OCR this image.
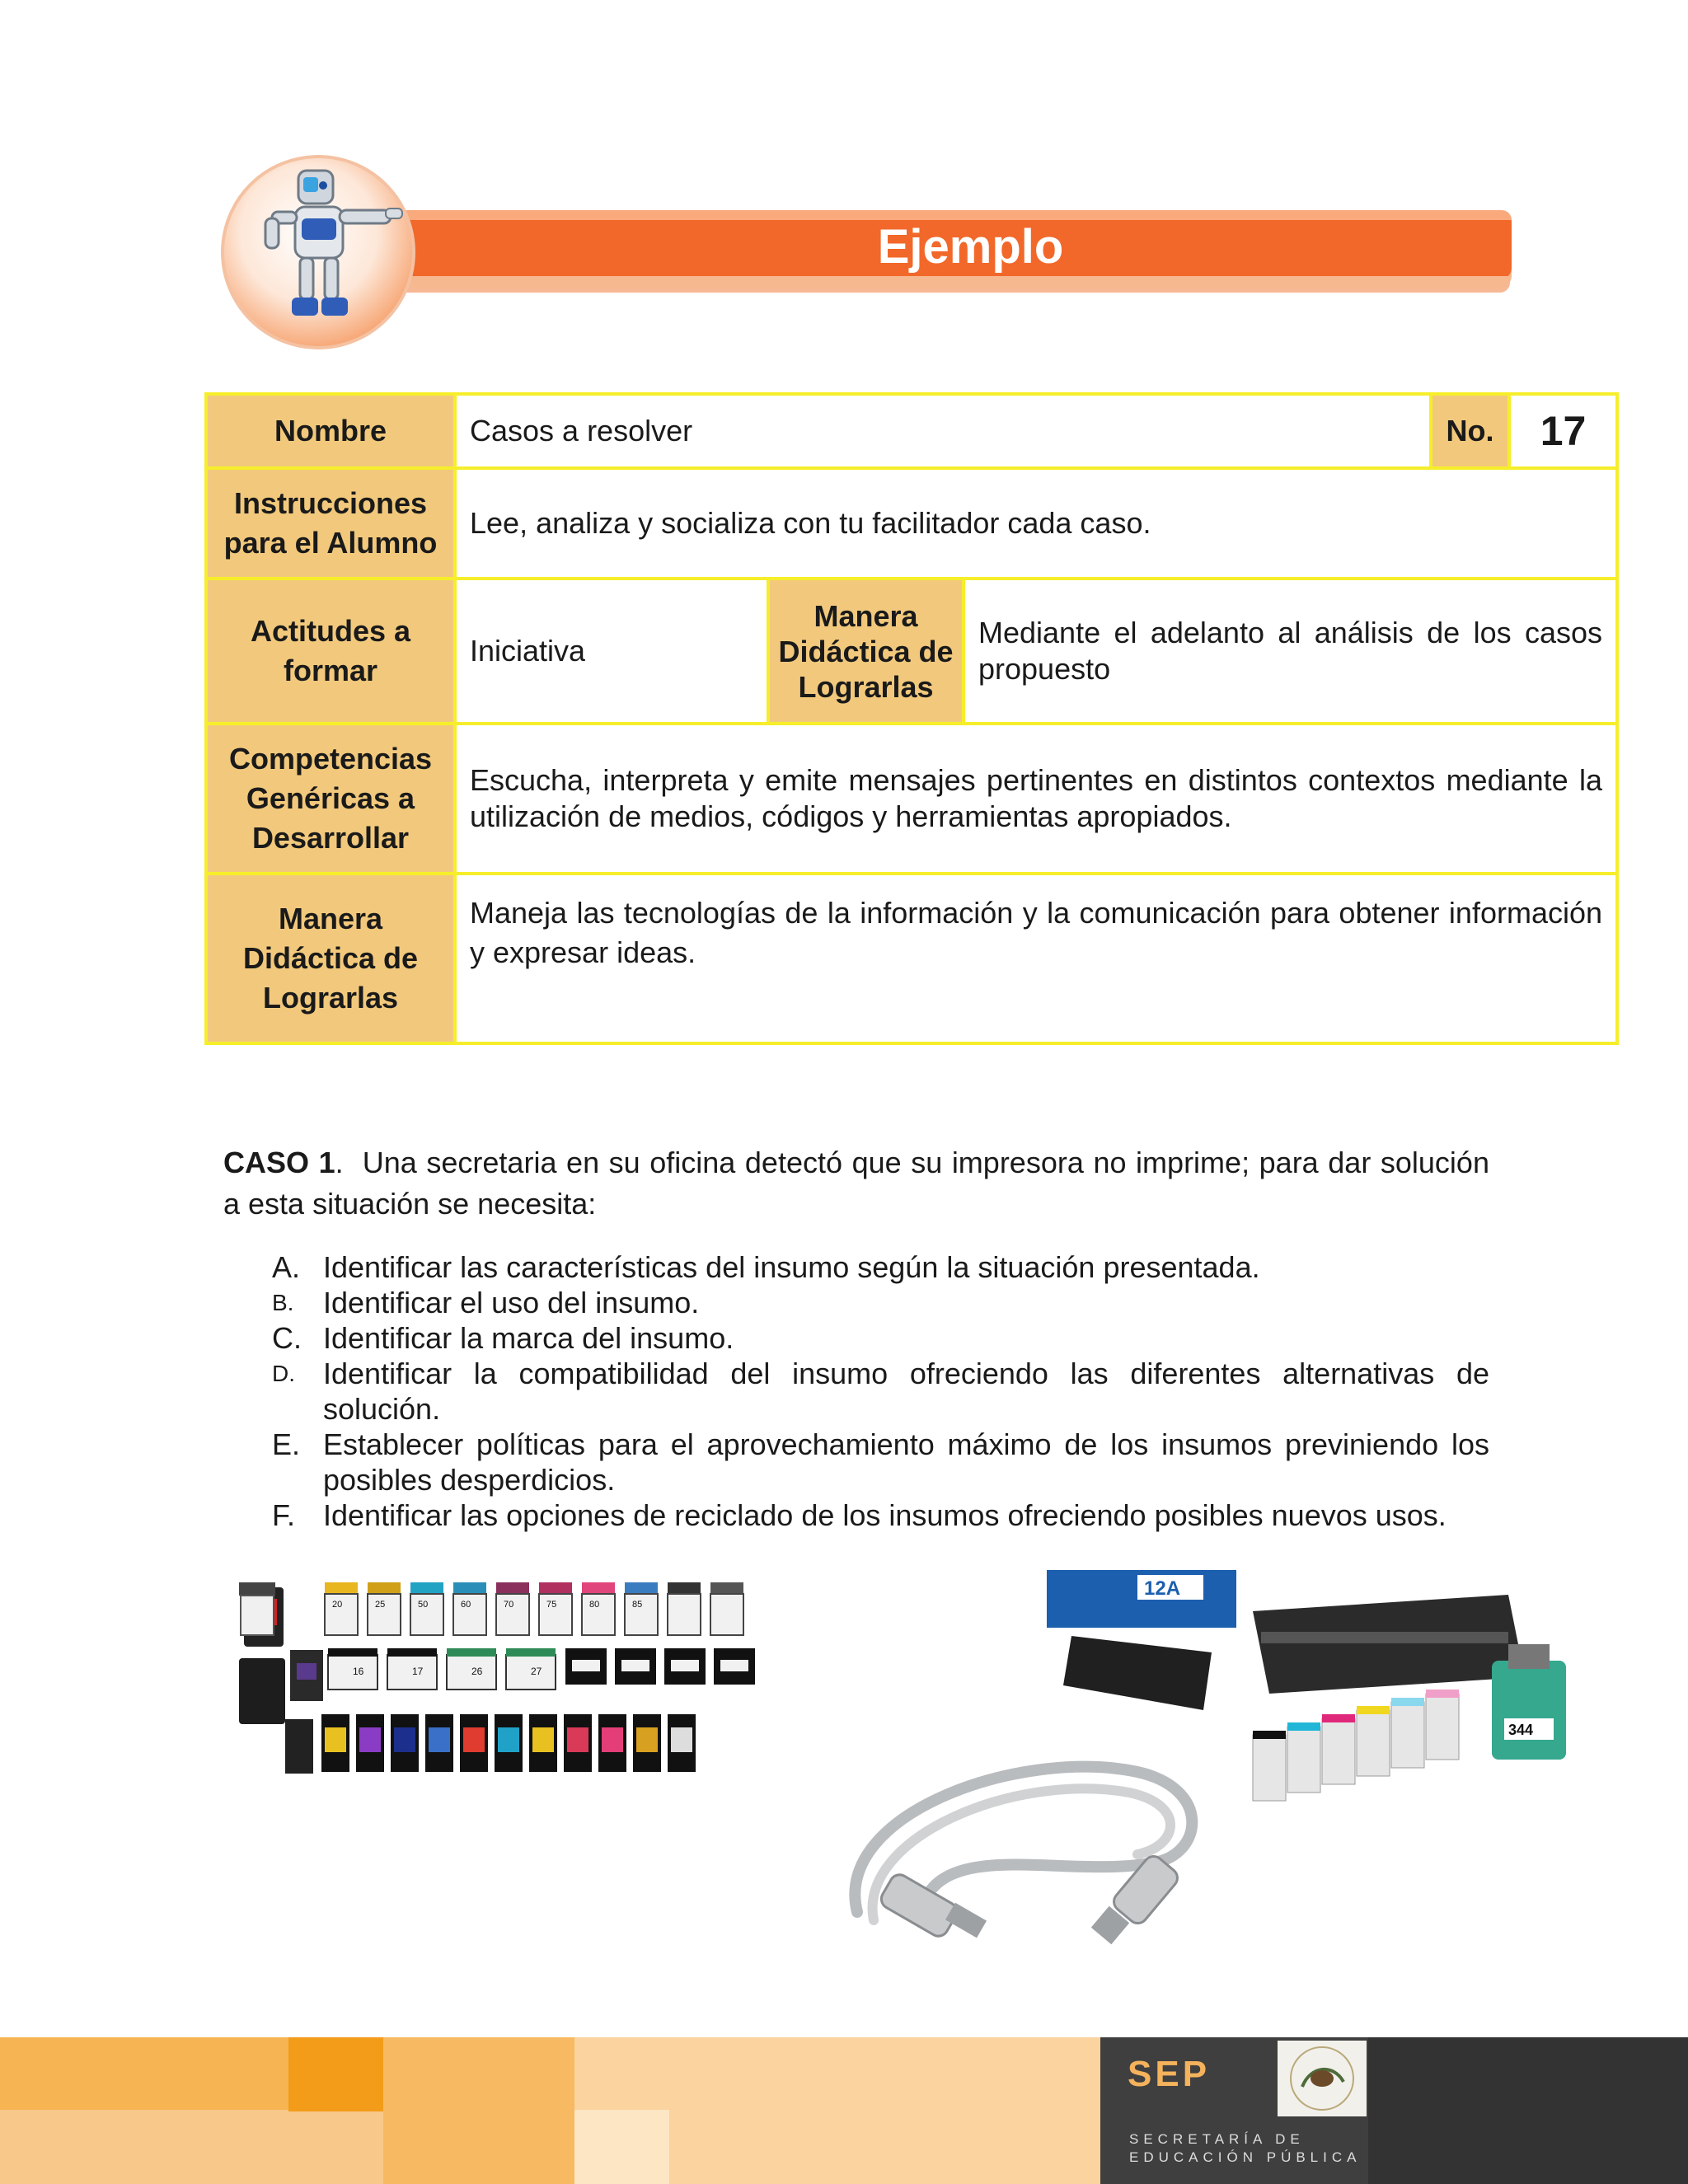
Ejemplo
Nombre	Casos a resolver			No.	17
Instrucciones para el Alumno	Lee, analiza y socializa con tu facilitador cada caso.				
Actitudes a formar	Iniciativa	Manera Didáctica de Lograrlas	Mediante el adelanto al análisis de los casos propuesto		
Competencias Genéricas a Desarrollar	Escucha, interpreta y emite mensajes pertinentes en distintos contextos mediante la utilización de medios, códigos y herramientas apropiados.				
Manera Didáctica de Lograrlas	Maneja las tecnologías de la información y la comunicación para obtener información y expresar ideas.				
CASO 1. Una secretaria en su oficina detectó que su impresora no imprime; para dar solución a esta situación se necesita:
A. Identificar las características del insumo según la situación presentada.
B. Identificar el uso del insumo.
C. Identificar la marca del insumo.
D. Identificar la compatibilidad del insumo ofreciendo las diferentes alternativas de solución.
E. Establecer políticas para el aprovechamiento máximo de los insumos previniendo los posibles desperdicios.
F. Identificar las opciones de reciclado de los insumos ofreciendo posibles nuevos usos.
20	25	50	60	70	75	80	85
16	17	26	27
12A
344
SEP
SECRETARÍA DE
EDUCACIÓN PÚBLICA
